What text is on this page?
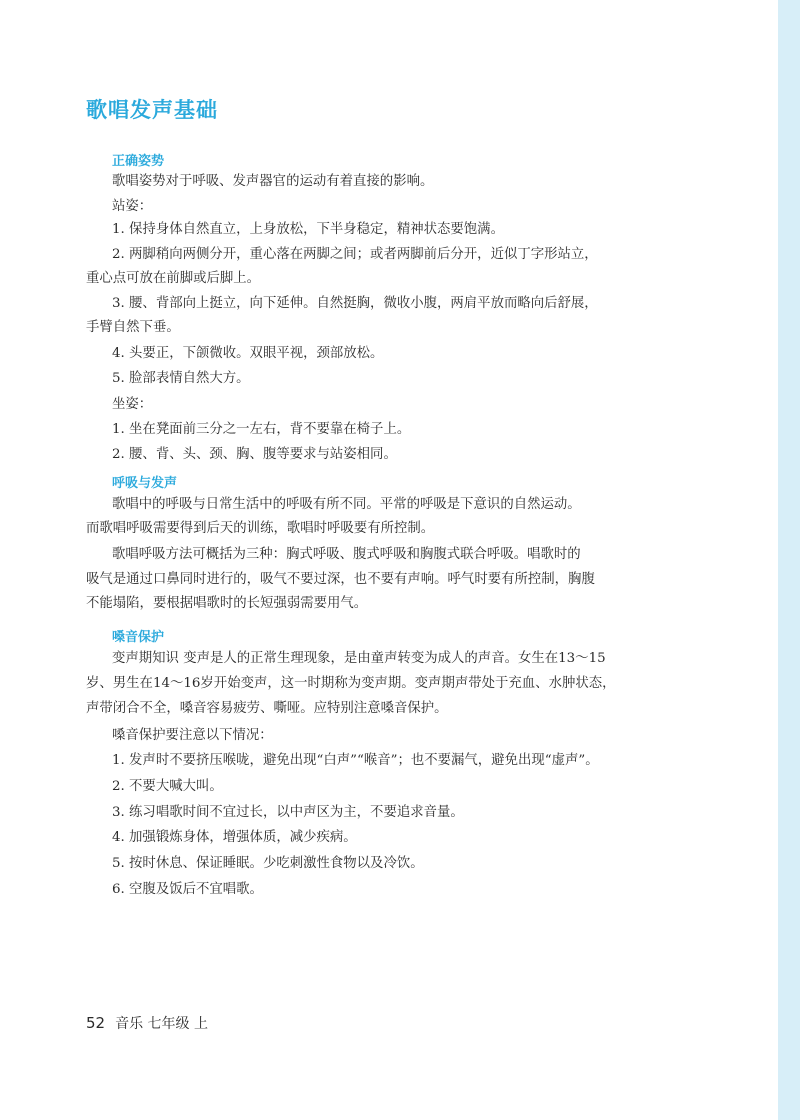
歌唱发声基础
正确姿势
歌唱姿势对于呼吸、发声器官的运动有着直接的影响。
站姿：
1. 保持身体自然直立，上身放松，下半身稳定，精神状态要饱满。
2. 两脚稍向两侧分开，重心落在两脚之间；或者两脚前后分开，近似丁字形站立，
重心点可放在前脚或后脚上。
3. 腰、背部向上挺立，向下延伸。自然挺胸，微收小腹，两肩平放而略向后舒展，
手臂自然下垂。
4. 头要正，下颌微收。双眼平视，颈部放松。
5. 脸部表情自然大方。
坐姿：
1. 坐在凳面前三分之一左右，背不要靠在椅子上。
2. 腰、背、头、颈、胸、腹等要求与站姿相同。
呼吸与发声
歌唱中的呼吸与日常生活中的呼吸有所不同。平常的呼吸是下意识的自然运动。
而歌唱呼吸需要得到后天的训练，歌唱时呼吸要有所控制。
歌唱呼吸方法可概括为三种：胸式呼吸、腹式呼吸和胸腹式联合呼吸。唱歌时的
吸气是通过口鼻同时进行的，吸气不要过深，也不要有声响。呼气时要有所控制，胸腹
不能塌陷，要根据唱歌时的长短强弱需要用气。
嗓音保护
变声期知识 变声是人的正常生理现象，是由童声转变为成人的声音。女生在13～15
岁、男生在14～16岁开始变声，这一时期称为变声期。变声期声带处于充血、水肿状态，
声带闭合不全，嗓音容易疲劳、嘶哑。应特别注意嗓音保护。
嗓音保护要注意以下情况：
1. 发声时不要挤压喉咙，避免出现“白声”“喉音”；也不要漏气，避免出现“虚声”。
2. 不要大喊大叫。
3. 练习唱歌时间不宜过长，以中声区为主，不要追求音量。
4. 加强锻炼身体，增强体质，减少疾病。
5. 按时休息、保证睡眠。少吃刺激性食物以及冷饮。
6. 空腹及饭后不宜唱歌。
52 音乐 七年级 上
